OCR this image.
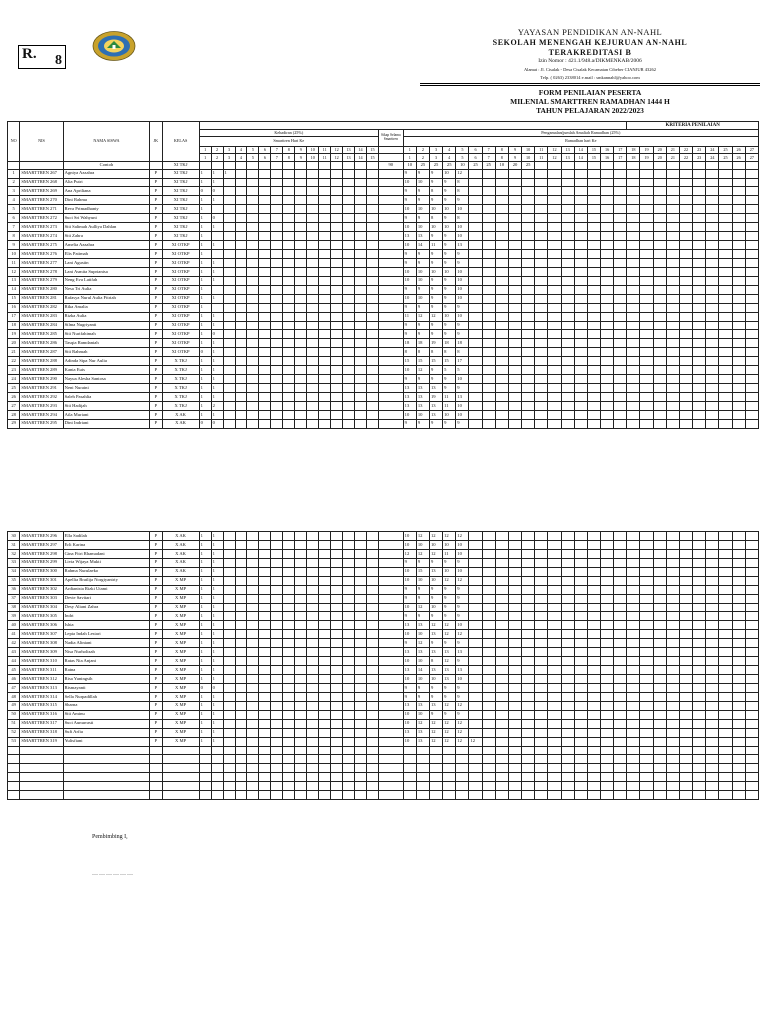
R. 8
YAYASAN PENDIDIKAN AN-NAHL
SEKOLAH MENENGAH KEJURUAN AN-NAHL
TERAKREDITASI B
Izin Nomor : 421.1/948.a/DIKMENKAB/2006
Alamat : Jl. Cisalak - Desa Cisalak Kecamatan Cibeber CIANJUR 43262
Telp. ( 0263) 2338014 e.mail : smkannahl@yahoo.com
FORM PENILAIAN PESERTA
MILENIAL SMARTTREN RAMADHAN 1444 H
TAHUN PELAJARAN 2022/2023
NO	NIS	NAMA SISWA	JK	KELAS																																		KRITERIA PENILAIAN									
					Kehadiran (25%)															Sikap Selama Smarttren	Pengamalan(jumlah Amaliah Ramadhan (25%)																										
					Smarttren Hari Ke																Ramadhan hari Ke																										
					1	2	3	4	5	6	7	8	9	10	11	12	13	14	15		1	2	3	4	5	6	7	8	9	10	11	12	13	14	15	16	17	18	19	20	21	22	23	24	25	26	27
					1	2	3	4	5	6	7	8	9	10	11	12	13	14	15		1	2	3	4	5	6	7	8	9	10	11	12	13	14	15	16	17	18	19	20	21	22	23	24	25	26	27
		Contoh		XI TKJ																90	10	25	25	25	10	25	25	10	20	25																	
1	SMARTTREN 267	Agniya Azzahra	P	XI TKJ	1	1	1														9	9	9	10	12																						
2	SMARTTREN 268	Alia Putri	P	XI TKJ	1	1															10	10	9	9	8																						
3	SMARTTREN 269	Ana Apriliana	P	XI TKJ	0	0															9	9	8	9	8																						
4	SMARTTREN 270	Dini Rahma	P	XI TKJ	1	1															9	9	9	9	9																						
5	SMARTTREN 271	Reva Primadhanty	P	XI TKJ	1																10	10	10	10	10																						
6	SMARTTREN 272	Suci Sri Wahyuni	P	XI TKJ	1	0															9	9	8	9	8																						
7	SMARTTREN 273	Siti Salimah Aulliya Dahlan	P	XI TKJ	1	1															10	10	10	10	10																						
8	SMARTTREN 274	Siti Zahra	P	XI TKJ	1																13	13	9	9	10																						
9	SMARTTREN 275	Amelia Azzahra	P	XI OTKP	1	1															10	14	11	9	13																						
10	SMARTTREN 276	Elis Patimah	P	XI OTKP	1																9	9	9	9	9																						
11	SMARTTREN 277	Lani Agustin	P	XI OTKP	1	1															9	9	9	9	9																						
12	SMARTTREN 278	Lani Asmita Suprianisa	P	XI OTKP	1	1															10	10	10	10	10																						
13	SMARTTREN 279	Neng Eva Latifah	P	XI OTKP	1	1															10	10	9	9	10																						
14	SMARTTREN 280	Nesa Tri Aulia	P	XI OTKP	1																9	9	9	9	10																						
15	SMARTTREN 281	Rafasya Nurul Aulia Fitriah	P	XI OTKP	1	1															10	10	9	9	10																						
16	SMARTTREN 282	Rika Amalia	P	XI OTKP	1																9	9	9	9	9																						
17	SMARTTREN 283	Rizka Aulia	P	XI OTKP	1	1															11	12	12	10	10																						
18	SMARTTREN 284	Silma Nugriyanti	P	XI OTKP	1	1															9	9	9	9	9																						
19	SMARTTREN 285	Siti Nurifahimah	P	XI OTKP	1	0															9	9	9	9	9																						
20	SMARTTREN 286	Tasqia Ramdaniah	P	XI OTKP	1	1															18	18	19	18	18																						
21	SMARTTREN 287	Siti Rahmah	P	XI OTKP	0	1															8	8	8	8	8																						
22	SMARTTREN 288	Adinda Sipa Nur Aulia	P	X TKJ	1	1															15	15	15	15	17																						
23	SMARTTREN 289	Kania Euis	P	X TKJ	1	1															10	12	9	5	5																						
24	SMARTTREN 290	Nayua Alesha Santosa	P	X TKJ	1	1															9	9	9	9	10																						
25	SMARTTREN 291	Neni Nuraini	P	X TKJ	1	1															13	13	13	9	9																						
26	SMARTTREN 292	Saleh Pasahlia	P	X TKJ	1	1															13	13	19	11	13																						
27	SMARTTREN 293	Siti Hadijah	P	X TKJ	1	2															13	13	13	11	10																						
28	SMARTTREN 294	Aila Muriani	P	X AK	1	1															10	10	13	10	10																						
29	SMARTTREN 295	Dini Indriani	P	X AK	0	0															9	9	9	9	9																						
30	SMARTTREN 296	Ella Sadilah	P	X AK	1	1															10	12	12	12	12																						
31	SMARTTREN 297	Erli Karina	P	X AK	1	1															10	10	10	10	10																						
32	SMARTTREN 298	Gina Fitri Rhamadani	P	X AK	1	1															12	12	12	11	10																						
33	SMARTTREN 299	Livia Wijaya Mukti	P	X AK	1	1															9	9	9	9	9																						
34	SMARTTREN 300	Rahma Nurulaeko	P	X AK	1	1															10	15	13	10	10																						
35	SMARTTREN 301	Apellia Bratlija Norgiyantriy	P	X MP	1	1															10	10	10	12	12																						
36	SMARTTREN 302	Ardianista Rizki Utami	P	X MP	1	1															9	9	9	9	9																						
37	SMARTTREN 303	Devie Savitari	P	X MP	1	1															9	9	9	9	9																						
38	SMARTTREN 304	Desy Aliani Zahra	P	X MP	1	1															10	12	10	9	9																						
39	SMARTTREN 305	Indri	P	X MP	1	1															9	9	9	9	9																						
40	SMARTTREN 306	Ishia	P	X MP	1	1															13	13	12	12	10																						
41	SMARTTREN 307	Lepia Indah Lestari	P	X MP	1	1															10	10	13	12	12																						
42	SMARTTREN 308	Nadia Aliniani	P	X MP	1	1															9	12	9	9	9																						
43	SMARTTREN 309	Nisa Nurholizah	P	X MP	1	1															13	13	13	13	13																						
44	SMARTTREN 310	Ratas Nia Anjani	P	X MP	1	1															10	10	8	12	9																						
45	SMARTTREN 311	Ratna	P	X MP	1	1															13	14	13	13	13																						
46	SMARTTREN 312	Risa Yuningsih	P	X MP	1	1															10	10	10	13	10																						
47	SMARTTREN 313	Rismayanti	P	X MP	0	0															9	9	9	9	9																						
48	SMARTTREN 314	Sella Nurpadillah	P	X MP	1	1															9	9	9	9	9																						
49	SMARTTREN 315	Sharna	P	X MP	1	1															13	13	13	12	12																						
50	SMARTTREN 316	Siti Aminu	P	X MP	1	1															10	10	9	9	9																						
51	SMARTTREN 317	Suci Aunurrasti	P	X MP	1	1															10	12	12	12	12																						
52	SMARTTREN 318	Sufi Arfia	P	X MP	1	1															13	13	12	12	12																						
53	SMARTTREN 319	Yulisfiani	P	X MP	1	1															10	13	12	12	12	12																					

Pembimbing I,
………………
